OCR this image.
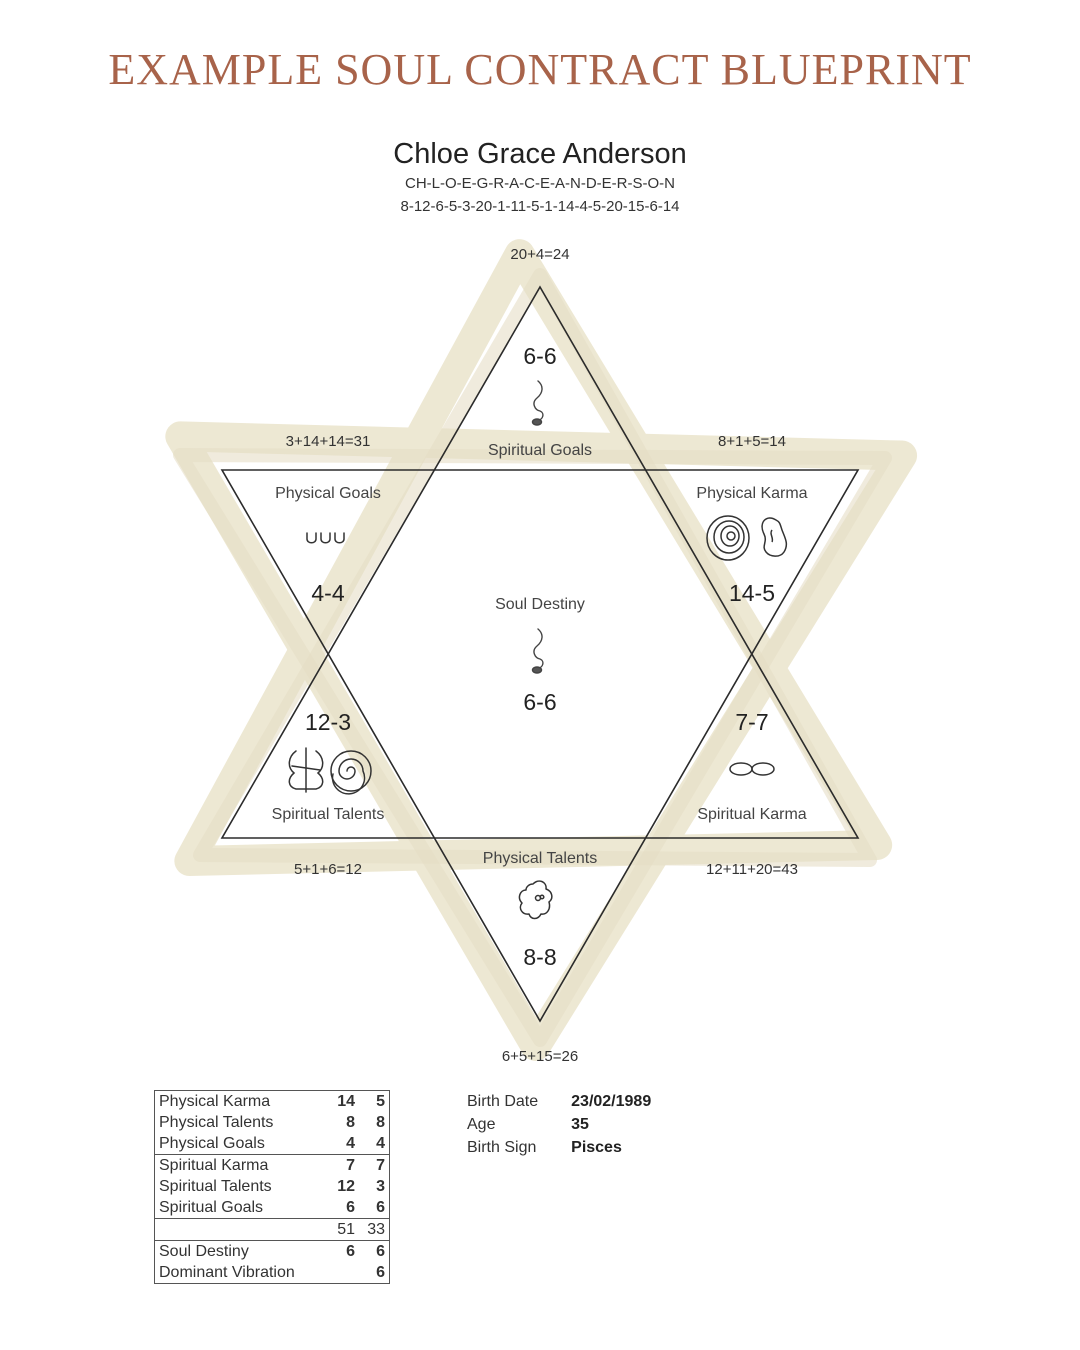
EXAMPLE SOUL CONTRACT BLUEPRINT
Chloe Grace Anderson
CH-L-O-E-G-R-A-C-E-A-N-D-E-R-S-O-N
8-12-6-5-3-20-1-11-5-1-14-4-5-20-15-6-14
20+4=24
3+14+14=31	8+1+5=14
5+1+6=12	12+11+20=43
6+5+15=26
6-6
Spiritual Goals
Physical Goals
4-4
Physical Karma
14-5
Soul Destiny
6-6
12-3
Spiritual Talents
7-7
Spiritual Karma
Physical Talents
8-8
Physical Karma	14	5
Physical Talents	8	8
Physical Goals	4	4
Spiritual Karma	7	7
Spiritual Talents	12	3
Spiritual Goals	6	6
	51	33
Soul Destiny	6	6
Dominant Vibration		6
Birth Date	23/02/1989
Age	35
Birth Sign	Pisces
